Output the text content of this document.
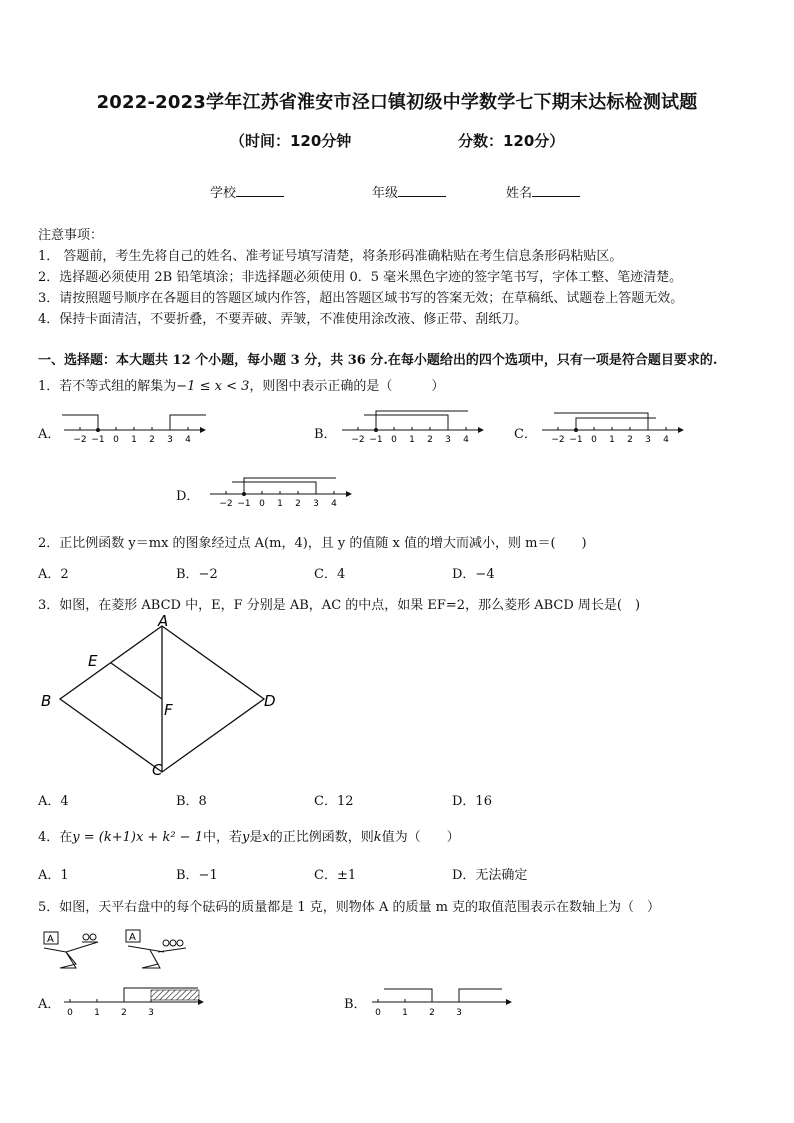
2022-2023学年江苏省淮安市泾口镇初级中学数学七下期末达标检测试题
（时间：120分钟	分数：120分）
学校	年级	姓名
注意事项：
1． 答题前，考生先将自己的姓名、准考证号填写清楚，将条形码准确粘贴在考生信息条形码粘贴区。
2．选择题必须使用 2B 铅笔填涂；非选择题必须使用 0．5 毫米黑色字迹的签字笔书写，字体工整、笔迹清楚。
3．请按照题号顺序在各题目的答题区域内作答，超出答题区域书写的答案无效；在草稿纸、试题卷上答题无效。
4．保持卡面清洁，不要折叠，不要弄破、弄皱，不准使用涂改液、修正带、刮纸刀。
一、选择题：本大题共 12 个小题，每小题 3 分，共 36 分.在每小题给出的四个选项中，只有一项是符合题目要求的.
1．若不等式组的解集为−1 ≤ x < 3，则图中表示正确的是（　　　）
A．	B．	C．
D．
−2 −1 0 1 2 3 4	−2 −1 0 1 2 3 4	−2 −1 0 1 2 3 4
−2 −1 0 1 2 3 4
2．正比例函数 y＝mx 的图象经过点 A(m，4)，且 y 的值随 x 值的增大而减小，则 m＝(　　)
A．2	B．−2	C．4	D．−4
3．如图，在菱形 ABCD 中，E，F 分别是 AB，AC 的中点，如果 EF=2，那么菱形 ABCD 周长是(　)
A
B
C
D
E
F
A．4	B．8	C．12	D．16
4．在y = (k+1)x + k² − 1中，若y是x的正比例函数，则k值为（　　）
A．1	B．−1	C．±1	D．无法确定
5．如图，天平右盘中的每个砝码的质量都是 1 克，则物体 A 的质量 m 克的取值范围表示在数轴上为（　）
A	A
A．	B．
0 1 2 3	0 1 2 3
